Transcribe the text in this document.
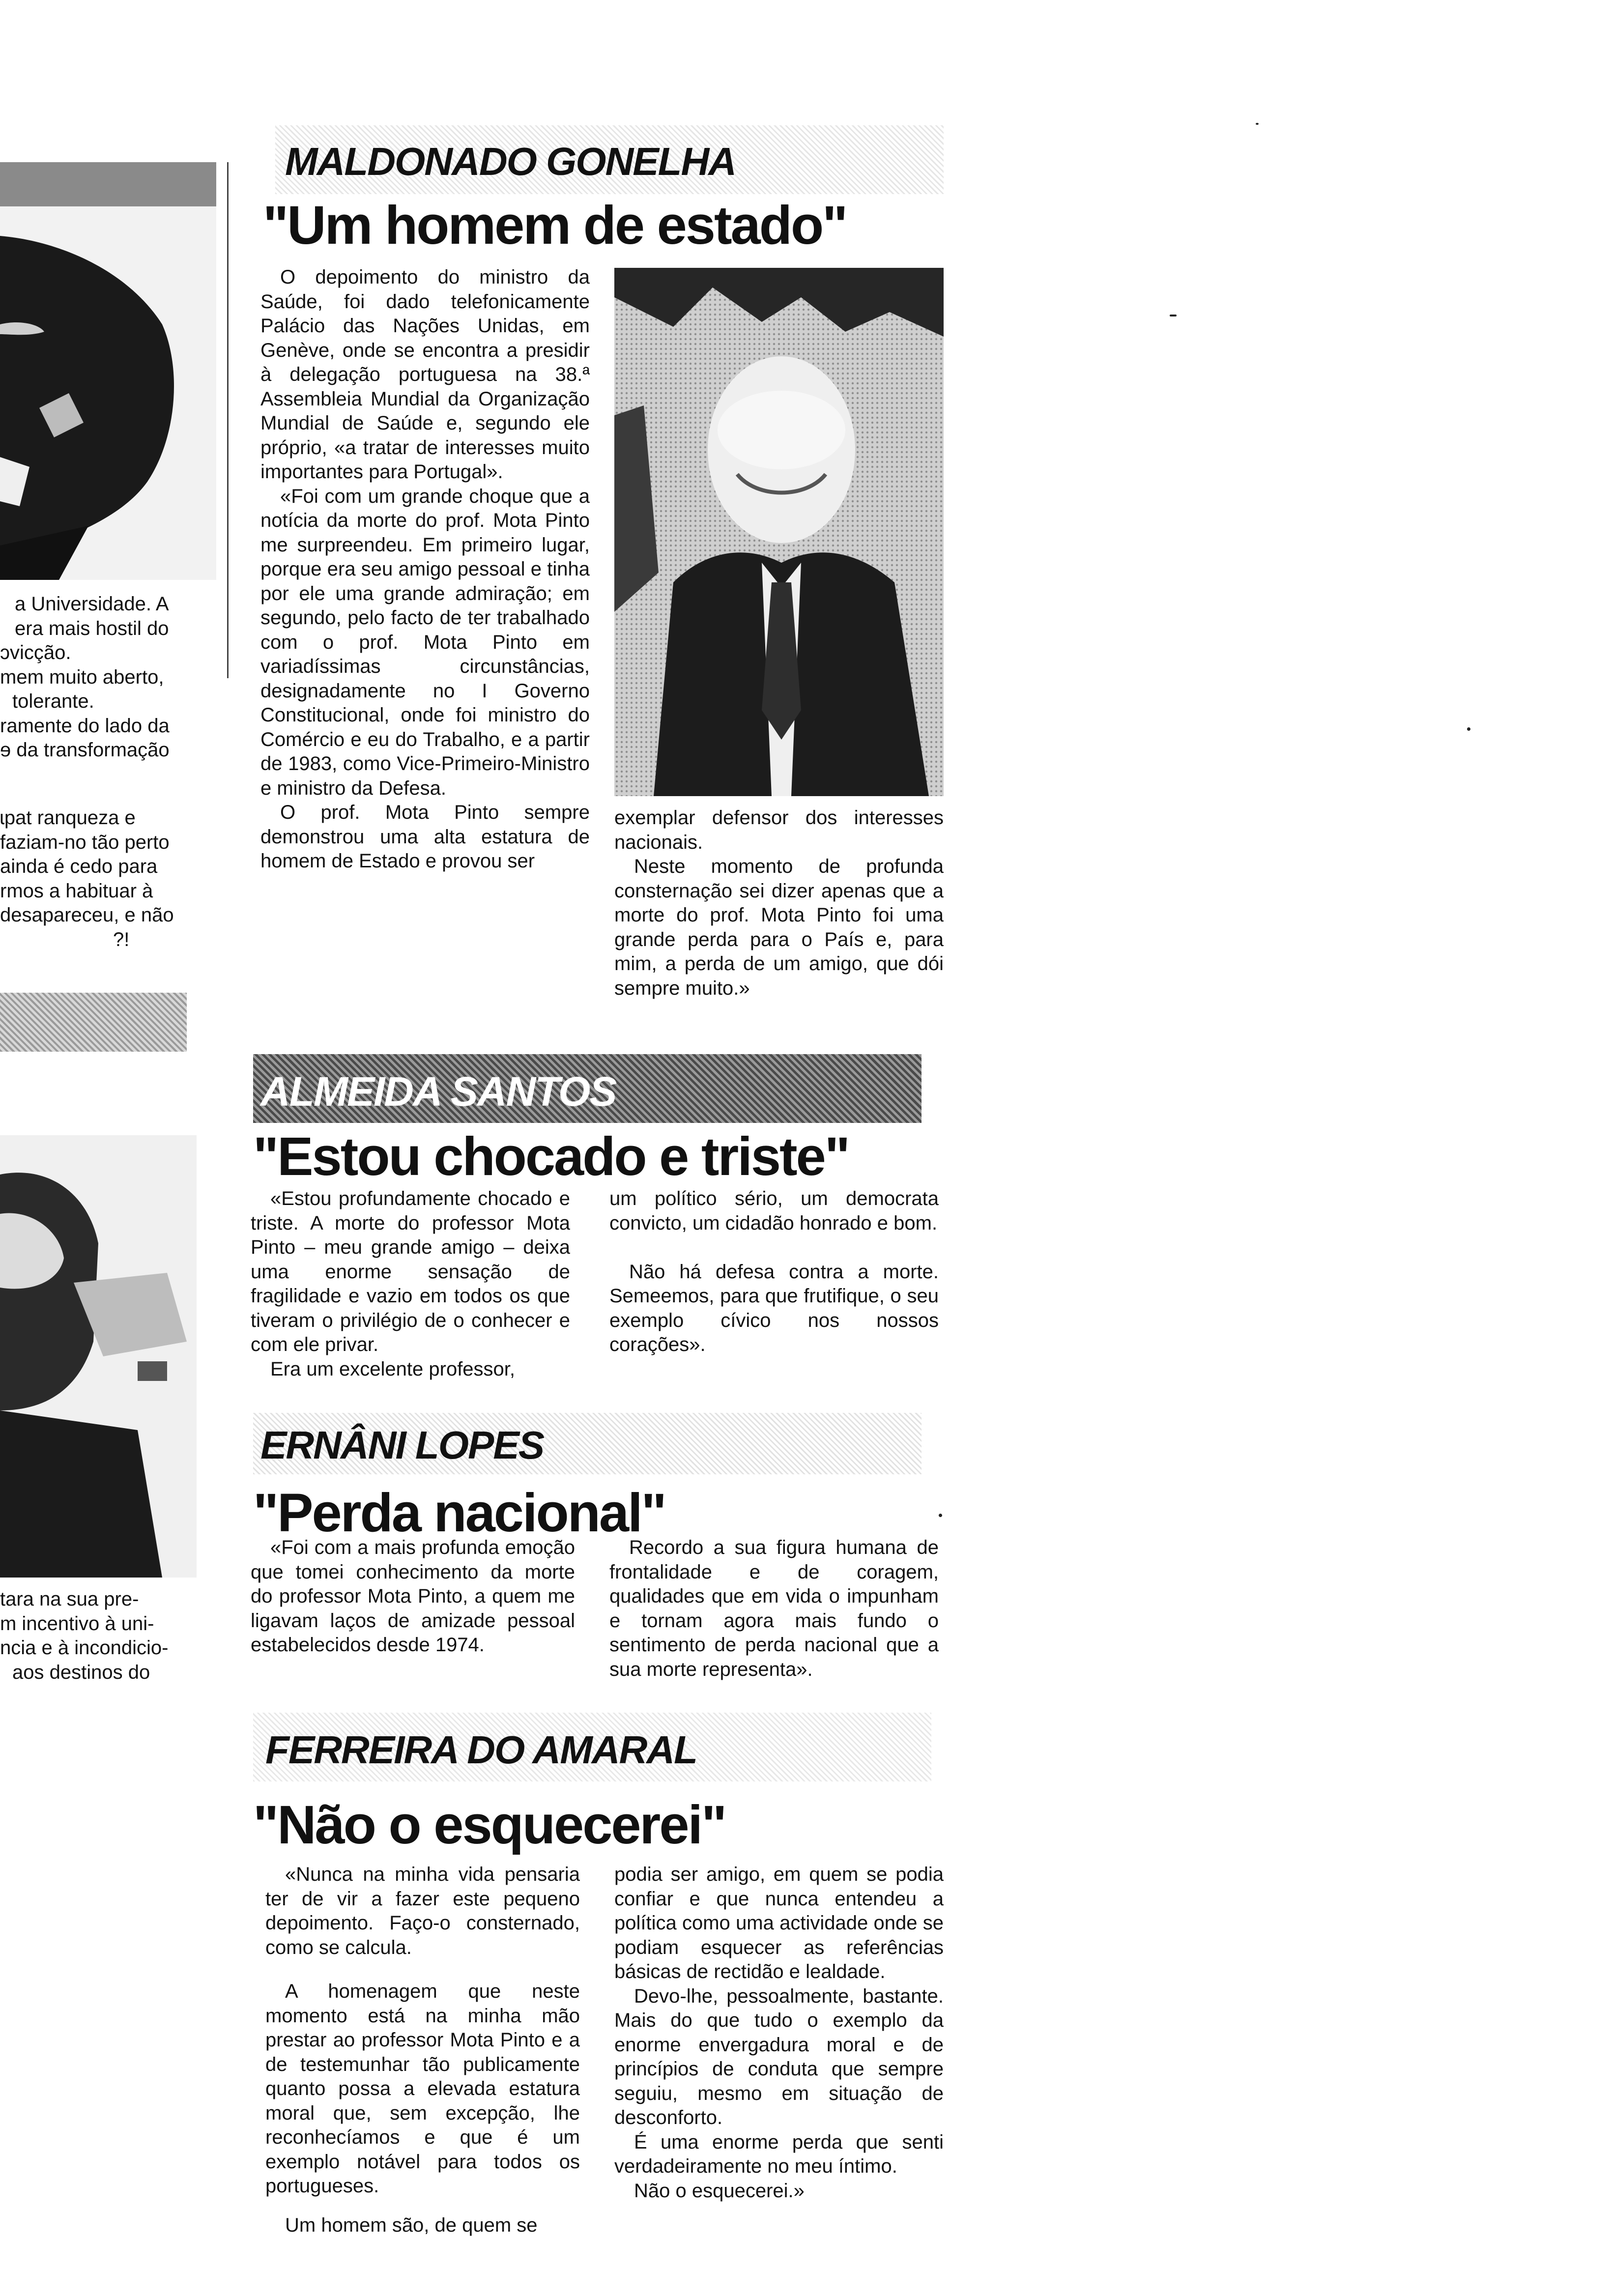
a Universidade. A
era mais hostil do
ɔvicção.
mem muito aberto,
tolerante.
ramente do lado da
ɘ da transformação
ɩpat ranqueza e
faziam-no tão perto
ainda é cedo para
rmos a habituar à
desapareceu, e não
?!
tara na sua pre-
m incentivo à uni-
ncia e à incondicio-
aos destinos do
MALDONADO GONELHA
"Um homem de estado"

O depoimento do ministro da Saúde, foi dado telefonicamente Palácio das Nações Unidas, em Genève, onde se encontra a presidir à delegação portuguesa na 38.ª Assembleia Mundial da Organização Mundial de Saúde e, segundo ele próprio, «a tratar de interesses muito importantes para Portugal».

«Foi com um grande choque que a notícia da morte do prof. Mota Pinto me surpreendeu. Em primeiro lugar, porque era seu amigo pessoal e tinha por ele uma grande admiração; em segundo, pelo facto de ter trabalhado com o prof. Mota Pinto em variadíssimas circunstâncias, designadamente no I Governo Constitucional, onde foi ministro do Comércio e eu do Trabalho, e a partir de 1983, como Vice-Primeiro-Ministro e ministro da Defesa.

O prof. Mota Pinto sempre demonstrou uma alta estatura de homem de Estado e provou ser

exemplar defensor dos interesses nacionais.

Neste momento de profunda consternação sei dizer apenas que a morte do prof. Mota Pinto foi uma grande perda para o País e, para mim, a perda de um amigo, que dói sempre muito.»

ALMEIDA SANTOS
"Estou chocado e triste"

«Estou profundamente chocado e triste. A morte do professor Mota Pinto – meu grande amigo – deixa uma enorme sensação de fragilidade e vazio em todos os que tiveram o privilégio de o conhecer e com ele privar.

Era um excelente professor,

um político sério, um democrata convicto, um cidadão honrado e bom.

Não há defesa contra a morte. Semeemos, para que frutifique, o seu exemplo cívico nos nossos corações».

ERNÂNI LOPES
"Perda nacional"

«Foi com a mais profunda emoção que tomei conhecimento da morte do professor Mota Pinto, a quem me ligavam laços de amizade pessoal estabelecidos desde 1974.

Recordo a sua figura humana de frontalidade e de coragem, qualidades que em vida o impunham e tornam agora mais fundo o sentimento de perda nacional que a sua morte representa».

FERREIRA DO AMARAL
"Não o esquecerei"

«Nunca na minha vida pensaria ter de vir a fazer este pequeno depoimento. Faço-o consternado, como se calcula.

A homenagem que neste momento está na minha mão prestar ao professor Mota Pinto e a de testemunhar tão publicamente quanto possa a elevada estatura moral que, sem excepção, lhe reconhecíamos e que é um exemplo notável para todos os portugueses.

Um homem são, de quem se

podia ser amigo, em quem se podia confiar e que nunca entendeu a política como uma actividade onde se podiam esquecer as referências básicas de rectidão e lealdade.

Devo-lhe, pessoalmente, bastante. Mais do que tudo o exemplo da enorme envergadura moral e de princípios de conduta que sempre seguiu, mesmo em situação de desconforto.

É uma enorme perda que senti verdadeiramente no meu íntimo.

Não o esquecerei.»
